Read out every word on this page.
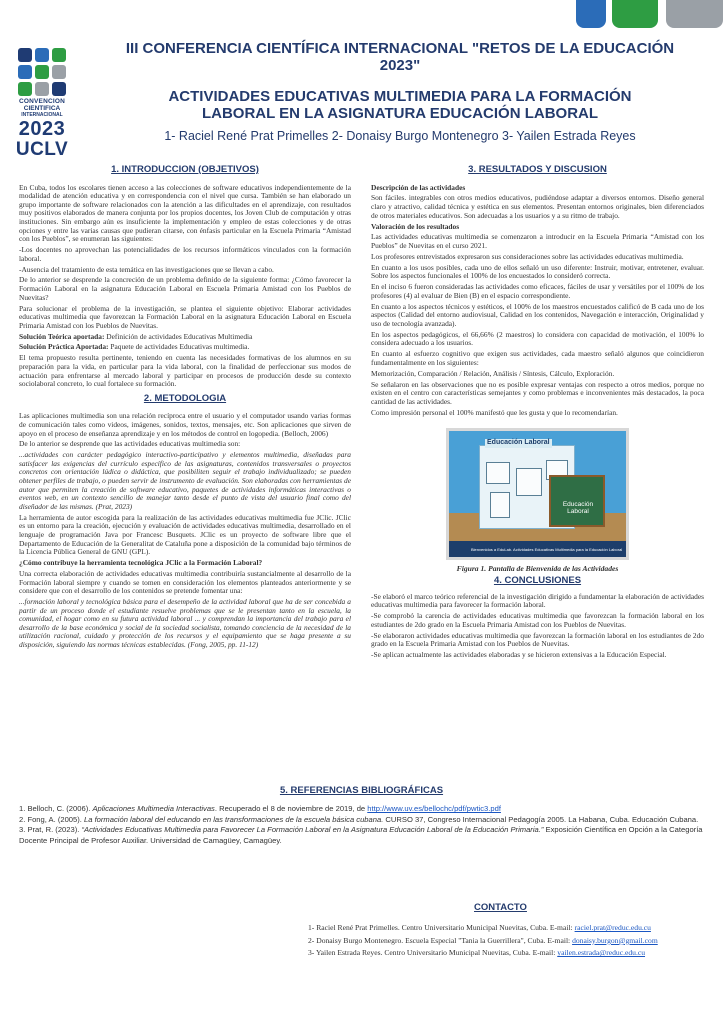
CONVENCION
CIENTIFICA
INTERNACIONAL
2023
UCLV
III CONFERENCIA CIENTÍFICA INTERNACIONAL "RETOS DE LA EDUCACIÓN
2023"
ACTIVIDADES EDUCATIVAS MULTIMEDIA PARA LA FORMACIÓN
LABORAL EN LA ASIGNATURA EDUCACIÓN LABORAL
1- Raciel René Prat Primelles 2- Donaisy Burgo Montenegro 3- Yailen Estrada Reyes
1. INTRODUCCION (OBJETIVOS)

En Cuba, todos los escolares tienen acceso a las colecciones de software educativos independientemente de la modalidad de atención educativa y en correspondencia con el nivel que cursa. También se han elaborado un grupo importante de software relacionados con la atención a las dificultades en el aprendizaje, con resultados muy positivos elaborados de manera conjunta por los propios docentes, los Joven Club de computación y otras instituciones. Sin embargo aún es insuficiente la implementación y empleo de estas colecciones y de otras opciones y entre las varias causas que pudieran citarse, con énfasis particular en la Escuela Primaria “Amistad con los Pueblos”, se enumeran las siguientes:

-Los docentes no aprovechan las potencialidades de los recursos informáticos vinculados con la formación laboral.

-Ausencia del tratamiento de esta temática en las investigaciones que se llevan a cabo.

De lo anterior se desprende la concreción de un problema definido de la siguiente forma: ¿Cómo favorecer la Formación Laboral en la asignatura Educación Laboral en Escuela Primaria Amistad con los Pueblos de Nuevitas?

Para solucionar el problema de la investigación, se plantea el siguiente objetivo: Elaborar actividades educativas multimedia que favorezcan la Formación Laboral en la asignatura Educación Laboral en Escuela Primaria Amistad con los Pueblos de Nuevitas.

Solución Teórica aportada: Definición de actividades Educativas Multimedia

Solución Práctica Aportada: Paquete de actividades Educativas multimedia.

El tema propuesto resulta pertinente, teniendo en cuenta las necesidades formativas de los alumnos en su preparación para la vida, en particular para la vida laboral, con la finalidad de perfeccionar sus modos de actuación para enfrentarse al mercado laboral y participar en procesos de producción desde su contexto sociolaboral concreto, lo cual fortalece su formación.

2. METODOLOGIA

Las aplicaciones multimedia son una relación recíproca entre el usuario y el computador usando varias formas de comunicación tales como videos, imágenes, sonidos, textos, mensajes, etc. Son aplicaciones que sirven de apoyo en el proceso de enseñanza aprendizaje y en los métodos de control en logopedia. (Belloch, 2006)

De lo anterior se desprende que las actividades educativas multimedia son:

...actividades con carácter pedagógico interactivo-participativo y elementos multimedia, diseñadas para satisfacer las exigencias del currículo específico de las asignaturas, contenidos transversales o proyectos concretos con orientación lúdica o didáctica, que posibiliten seguir el trabajo individualizado; se pueden obtener perfiles de trabajo, o pueden servir de instrumento de evaluación. Son elaboradas con herramientas de autor que permiten la creación de software educativo, paquetes de actividades informáticas interactivas o eventos web, en un contexto sencillo de manejar tanto desde el punto de vista del usuario final como del diseñador de las mismas. (Prat, 2023)

La herramienta de autor escogida para la realización de las actividades educativas multimedia fue JClic. JClic es un entorno para la creación, ejecución y evaluación de actividades educativas multimedia, desarrollado en el lenguaje de programación Java por Francesc Busquets. JClic es un proyecto de software libre que el Departamento de Educación de la Generalitat de Cataluña pone a disposición de la comunidad bajo términos de la Licencia Pública General de GNU (GPL).

¿Cómo contribuye la herramienta tecnológica JClic a la Formación Laboral?

Una correcta elaboración de actividades educativas multimedia contribuiría sustancialmente al desarrollo de la Formación laboral siempre y cuando se tomen en consideración los elementos planteados anteriormente y se considere que con el desarrollo de los contenidos se pretende fomentar una:

...formación laboral y tecnológica básica para el desempeño de la actividad laboral que ha de ser concebida a partir de un proceso donde el estudiante resuelve problemas que se le presentan tanto en la escuela, la comunidad, el hogar como en su futura actividad laboral ... y comprendan la importancia del trabajo para el desarrollo de la base económica y social de la sociedad socialista, tomando conciencia de la necesidad de la utilización racional, cuidado y protección de los recursos y el equipamiento que se haga presente a su disposición, siguiendo las normas técnicas establecidas. (Fong, 2005, pp. 11-12)

3. RESULTADOS Y DISCUSION

Descripción de las actividades

Son fáciles. integrables con otros medios educativos, pudiéndose adaptar a diversos entornos. Diseño general claro y atractivo, calidad técnica y estética en sus elementos. Presentan entornos originales, bien diferenciados de otros materiales educativos. Son adecuadas a los usuarios y a su ritmo de trabajo.

Valoración de los resultados

Las actividades educativas multimedia se comenzaron a introducir en la Escuela Primaria “Amistad con los Pueblos” de Nuevitas en el curso 2021.

Los profesores entrevistados expresaron sus consideraciones sobre las actividades educativas multimedia.

En cuanto a los usos posibles, cada uno de ellos señaló un uso diferente: Instruir, motivar, entretener, evaluar. Sobre los aspectos funcionales el 100% de los encuestados lo consideró correcta.

En el inciso 6 fueron consideradas las actividades como eficaces, fáciles de usar y versátiles por el 100% de los profesores (4) al evaluar de Bien (B) en el espacio correspondiente.

En cuanto a los aspectos técnicos y estéticos, el 100% de los maestros encuestados calificó de B cada uno de los aspectos (Calidad del entorno audiovisual, Calidad en los contenidos, Navegación e interacción, Originalidad y uso de tecnología avanzada).

En los aspectos pedagógicos, el 66,66% (2 maestros) lo considera con capacidad de motivación, el 100% lo considera adecuado a los usuarios.

En cuanto al esfuerzo cognitivo que exigen sus actividades, cada maestro señaló algunos que coincidieron fundamentalmente en los siguientes:

Memorización, Comparación / Relación, Análisis / Síntesis, Cálculo, Exploración.

Se señalaron en las observaciones que no es posible expresar ventajas con respecto a otros medios, porque no existen en el centro con características semejantes y como problemas e inconvenientes más destacados, la poca cantidad de las actividades.

Como impresión personal el 100% manifestó que les gusta y que lo recomendarían.

Educación Laboral
Educación Laboral
Bienvenidos a EduLab. Actividades Educativas Multimedia para la Educación Laboral
Figura 1. Pantalla de Bienvenida de las Actividades
4. CONCLUSIONES

-Se elaboró el marco teórico referencial de la investigación dirigido a fundamentar la elaboración de actividades educativas multimedia para favorecer la formación laboral.

-Se comprobó la carencia de actividades educativas multimedia que favorezcan la formación laboral en los estudiantes de 2do grado en la Escuela Primaria Amistad con los Pueblos de Nuevitas.

-Se elaboraron actividades educativas multimedia que favorezcan la formación laboral en los estudiantes de 2do grado en la Escuela Primaria Amistad con los Pueblos de Nuevitas.

-Se aplican actualmente las actividades elaboradas y se hicieron extensivas a la Educación Especial.

5. REFERENCIAS BIBLIOGRÁFICAS

1. Belloch, C. (2006). Aplicaciones Multimedia Interactivas. Recuperado el 8 de noviembre de 2019, de http://www.uv.es/bellochc/pdf/pwtic3.pdf

2. Fong, A. (2005). La formación laboral del educando en las transformaciones de la escuela básica cubana. CURSO 37, Congreso Internacional Pedagogía 2005. La Habana, Cuba. Educación Cubana.

3. Prat, R. (2023). “Actividades Educativas Multimedia para Favorecer La Formación Laboral en la Asignatura Educación Laboral de la Educación Primaria.” Exposición Científica en Opción a la Categoría Docente Principal de Profesor Auxiliar. Universidad de Camagüey, Camagüey.

CONTACTO

1- Raciel René Prat Primelles. Centro Universitario Municipal Nuevitas, Cuba. E-mail: raciel.prat@reduc.edu.cu

2- Donaisy Burgo Montenegro. Escuela Especial "Tania la Guerrillera", Cuba. E-mail: donaisy.burgon@gmail.com

3- Yailen Estrada Reyes. Centro Universitario Municipal Nuevitas, Cuba. E-mail: yailen.estrada@reduc.edu.cu
